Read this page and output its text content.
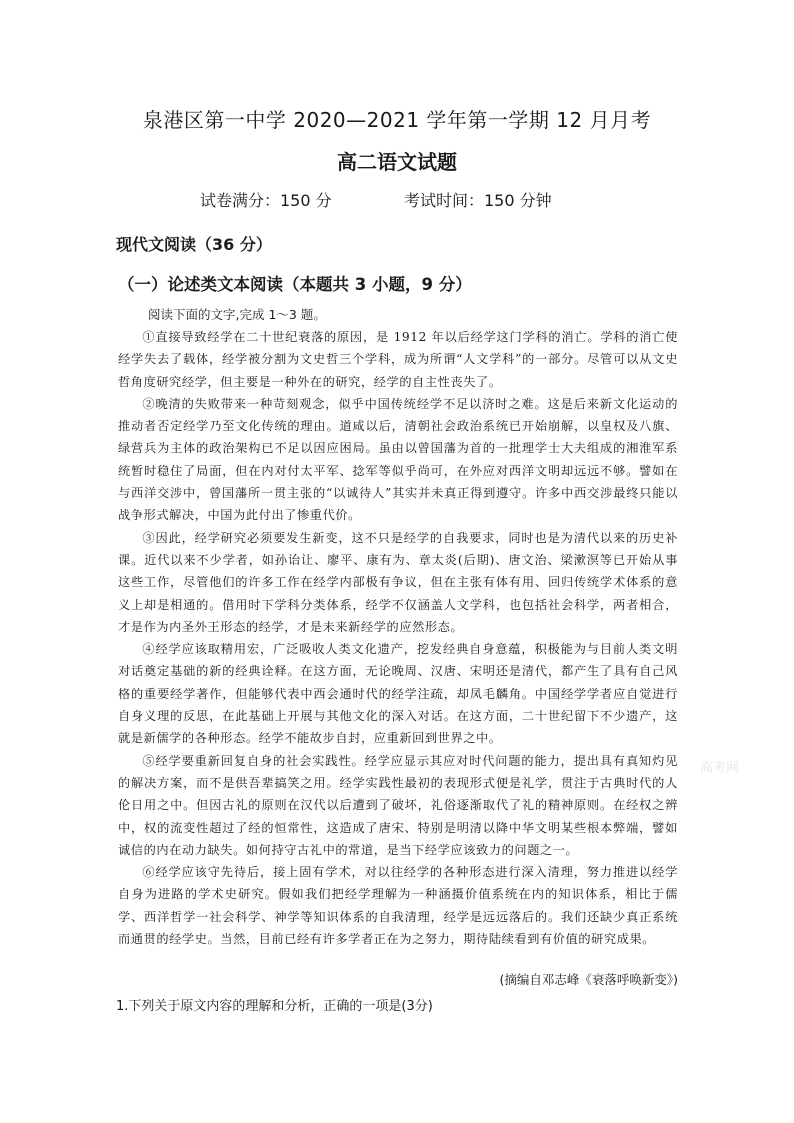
泉港区第一中学 2020—2021 学年第一学期 12 月月考
高二语文试题
试卷满分：150 分	考试时间：150 分钟
现代文阅读（36 分）
（一）论述类文本阅读（本题共 3 小题，9 分）
阅读下面的文字,完成 1～3 题。

①直接导致经学在二十世纪衰落的原因，是 1912 年以后经学这门学科的消亡。学科的消亡使经学失去了载体，经学被分割为文史哲三个学科，成为所谓“人文学科”的一部分。尽管可以从文史哲角度研究经学，但主要是一种外在的研究，经学的自主性丧失了。

②晚清的失败带来一种苛刻观念，似乎中国传统经学不足以济时之难。这是后来新文化运动的推动者否定经学乃至文化传统的理由。道咸以后，清朝社会政治系统已开始崩解，以皇权及八旗、绿营兵为主体的政治架构已不足以因应困局。虽由以曾国藩为首的一批理学士大夫组成的湘淮军系统暂时稳住了局面，但在内对付太平军、捻军等似乎尚可，在外应对西洋文明却远远不够。譬如在与西洋交涉中，曾国藩所一贯主张的“以诚待人”其实并未真正得到遵守。许多中西交涉最终只能以战争形式解决，中国为此付出了惨重代价。

③因此，经学研究必须要发生新变，这不只是经学的自我要求，同时也是为清代以来的历史补课。近代以来不少学者，如孙诒让、廖平、康有为、章太炎(后期)、唐文治、梁漱溟等已开始从事这些工作，尽管他们的许多工作在经学内部极有争议，但在主张有体有用、回归传统学术体系的意义上却是相通的。借用时下学科分类体系，经学不仅涵盖人文学科，也包括社会科学，两者相合，才是作为内圣外王形态的经学，才是未来新经学的应然形态。

④经学应该取精用宏，广泛吸收人类文化遗产，挖发经典自身意蕴，积极能为与目前人类文明对话奠定基础的新的经典诠释。在这方面，无论晚周、汉唐、宋明还是清代，都产生了具有自己风格的重要经学著作，但能够代表中西会通时代的经学注疏，却凤毛麟角。中国经学学者应自觉进行自身义理的反思，在此基础上开展与其他文化的深入对话。在这方面，二十世纪留下不少遗产，这就是新儒学的各种形态。经学不能故步自封，应重新回到世界之中。

⑤经学要重新回复自身的社会实践性。经学应显示其应对时代问题的能力，提出具有真知灼见的解决方案，而不是供吾辈搞笑之用。经学实践性最初的表现形式便是礼学，贯注于古典时代的人伦日用之中。但因古礼的原则在汉代以后遭到了破坏，礼俗逐渐取代了礼的精神原则。在经权之辨中，权的流变性超过了经的恒常性，这造成了唐宋、特别是明清以降中华文明某些根本弊端，譬如诚信的内在动力缺失。如何持守古礼中的常道，是当下经学应该致力的问题之一。

⑥经学应该守先待后，接上固有学术，对以往经学的各种形态进行深入清理，努力推进以经学自身为进路的学术史研究。假如我们把经学理解为一种涵摄价值系统在内的知识体系，相比于儒学、西洋哲学一社会科学、神学等知识体系的自我清理，经学是远远落后的。我们还缺少真正系统而通贯的经学史。当然，目前已经有许多学者正在为之努力，期待陆续看到有价值的研究成果。

高考网
(摘编自邓志峰《衰落呼唤新变》)
1.下列关于原文内容的理解和分析，正确的一项是(3分)
